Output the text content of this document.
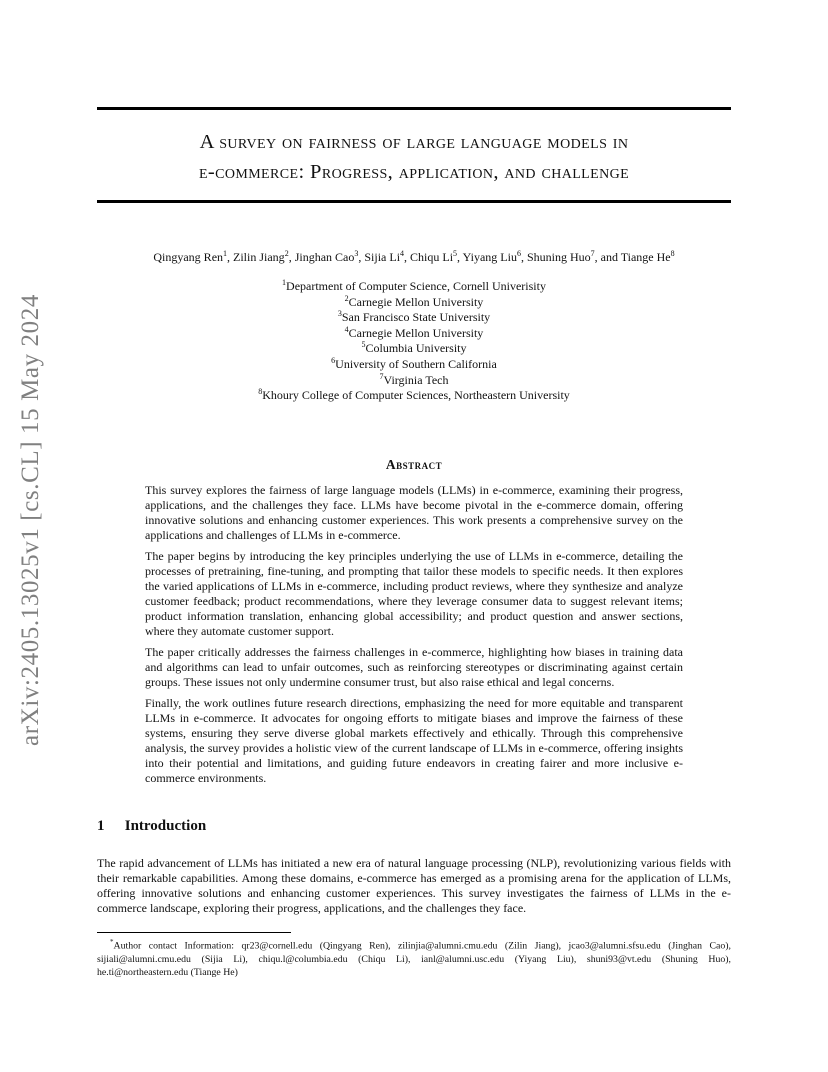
arXiv:2405.13025v1 [cs.CL] 15 May 2024

A survey on fairness of large language models in

e-commerce: Progress, application, and challenge

Qingyang Ren$^1$, Zilin Jiang$^2$, Jinghan Cao$^3$, Sijia Li$^4$, Chiqu Li$^5$, Yiyang Liu$^6$, Shuning Huo$^7$, and Tiange He$^8$
$^1$Department of Computer Science, Cornell Univerisity
$^2$Carnegie Mellon University
$^3$San Francisco State University
$^4$Carnegie Mellon University
$^5$Columbia University
$^6$University of Southern California
$^7$Virginia Tech
$^8$Khoury College of Computer Sciences, Northeastern University
Abstract

This survey explores the fairness of large language models (LLMs) in e-commerce, examining their progress, applications, and the challenges they face. LLMs have become pivotal in the e-commerce domain, offering innovative solutions and enhancing customer experiences. This work presents a comprehensive survey on the applications and challenges of LLMs in e-commerce.

The paper begins by introducing the key principles underlying the use of LLMs in e-commerce, detailing the processes of pretraining, fine-tuning, and prompting that tailor these models to specific needs. It then explores the varied applications of LLMs in e-commerce, including product reviews, where they synthesize and analyze customer feedback; product recommendations, where they leverage consumer data to suggest relevant items; product information translation, enhancing global accessibility; and product question and answer sections, where they automate customer support.

The paper critically addresses the fairness challenges in e-commerce, highlighting how biases in training data and algorithms can lead to unfair outcomes, such as reinforcing stereotypes or discriminating against certain groups. These issues not only undermine consumer trust, but also raise ethical and legal concerns.

Finally, the work outlines future research directions, emphasizing the need for more equitable and transparent LLMs in e-commerce. It advocates for ongoing efforts to mitigate biases and improve the fairness of these systems, ensuring they serve diverse global markets effectively and ethically. Through this comprehensive analysis, the survey provides a holistic view of the current landscape of LLMs in e-commerce, offering insights into their potential and limitations, and guiding future endeavors in creating fairer and more inclusive e-commerce environments.

1 Introduction

The rapid advancement of LLMs has initiated a new era of natural language processing (NLP), revolutionizing various fields with their remarkable capabilities. Among these domains, e-commerce has emerged as a promising arena for the application of LLMs, offering innovative solutions and enhancing customer experiences. This survey investigates the fairness of LLMs in the e-commerce landscape, exploring their progress, applications, and the challenges they face.

*Author contact Information: qr23@cornell.edu (Qingyang Ren), zilinjia@alumni.cmu.edu (Zilin Jiang), jcao3@alumni.sfsu.edu (Jinghan Cao), sijiali@alumni.cmu.edu (Sijia Li), chiqu.l@columbia.edu (Chiqu Li), ianl@alumni.usc.edu (Yiyang Liu), shuni93@vt.edu (Shuning Huo), he.ti@northeastern.edu (Tiange He)
